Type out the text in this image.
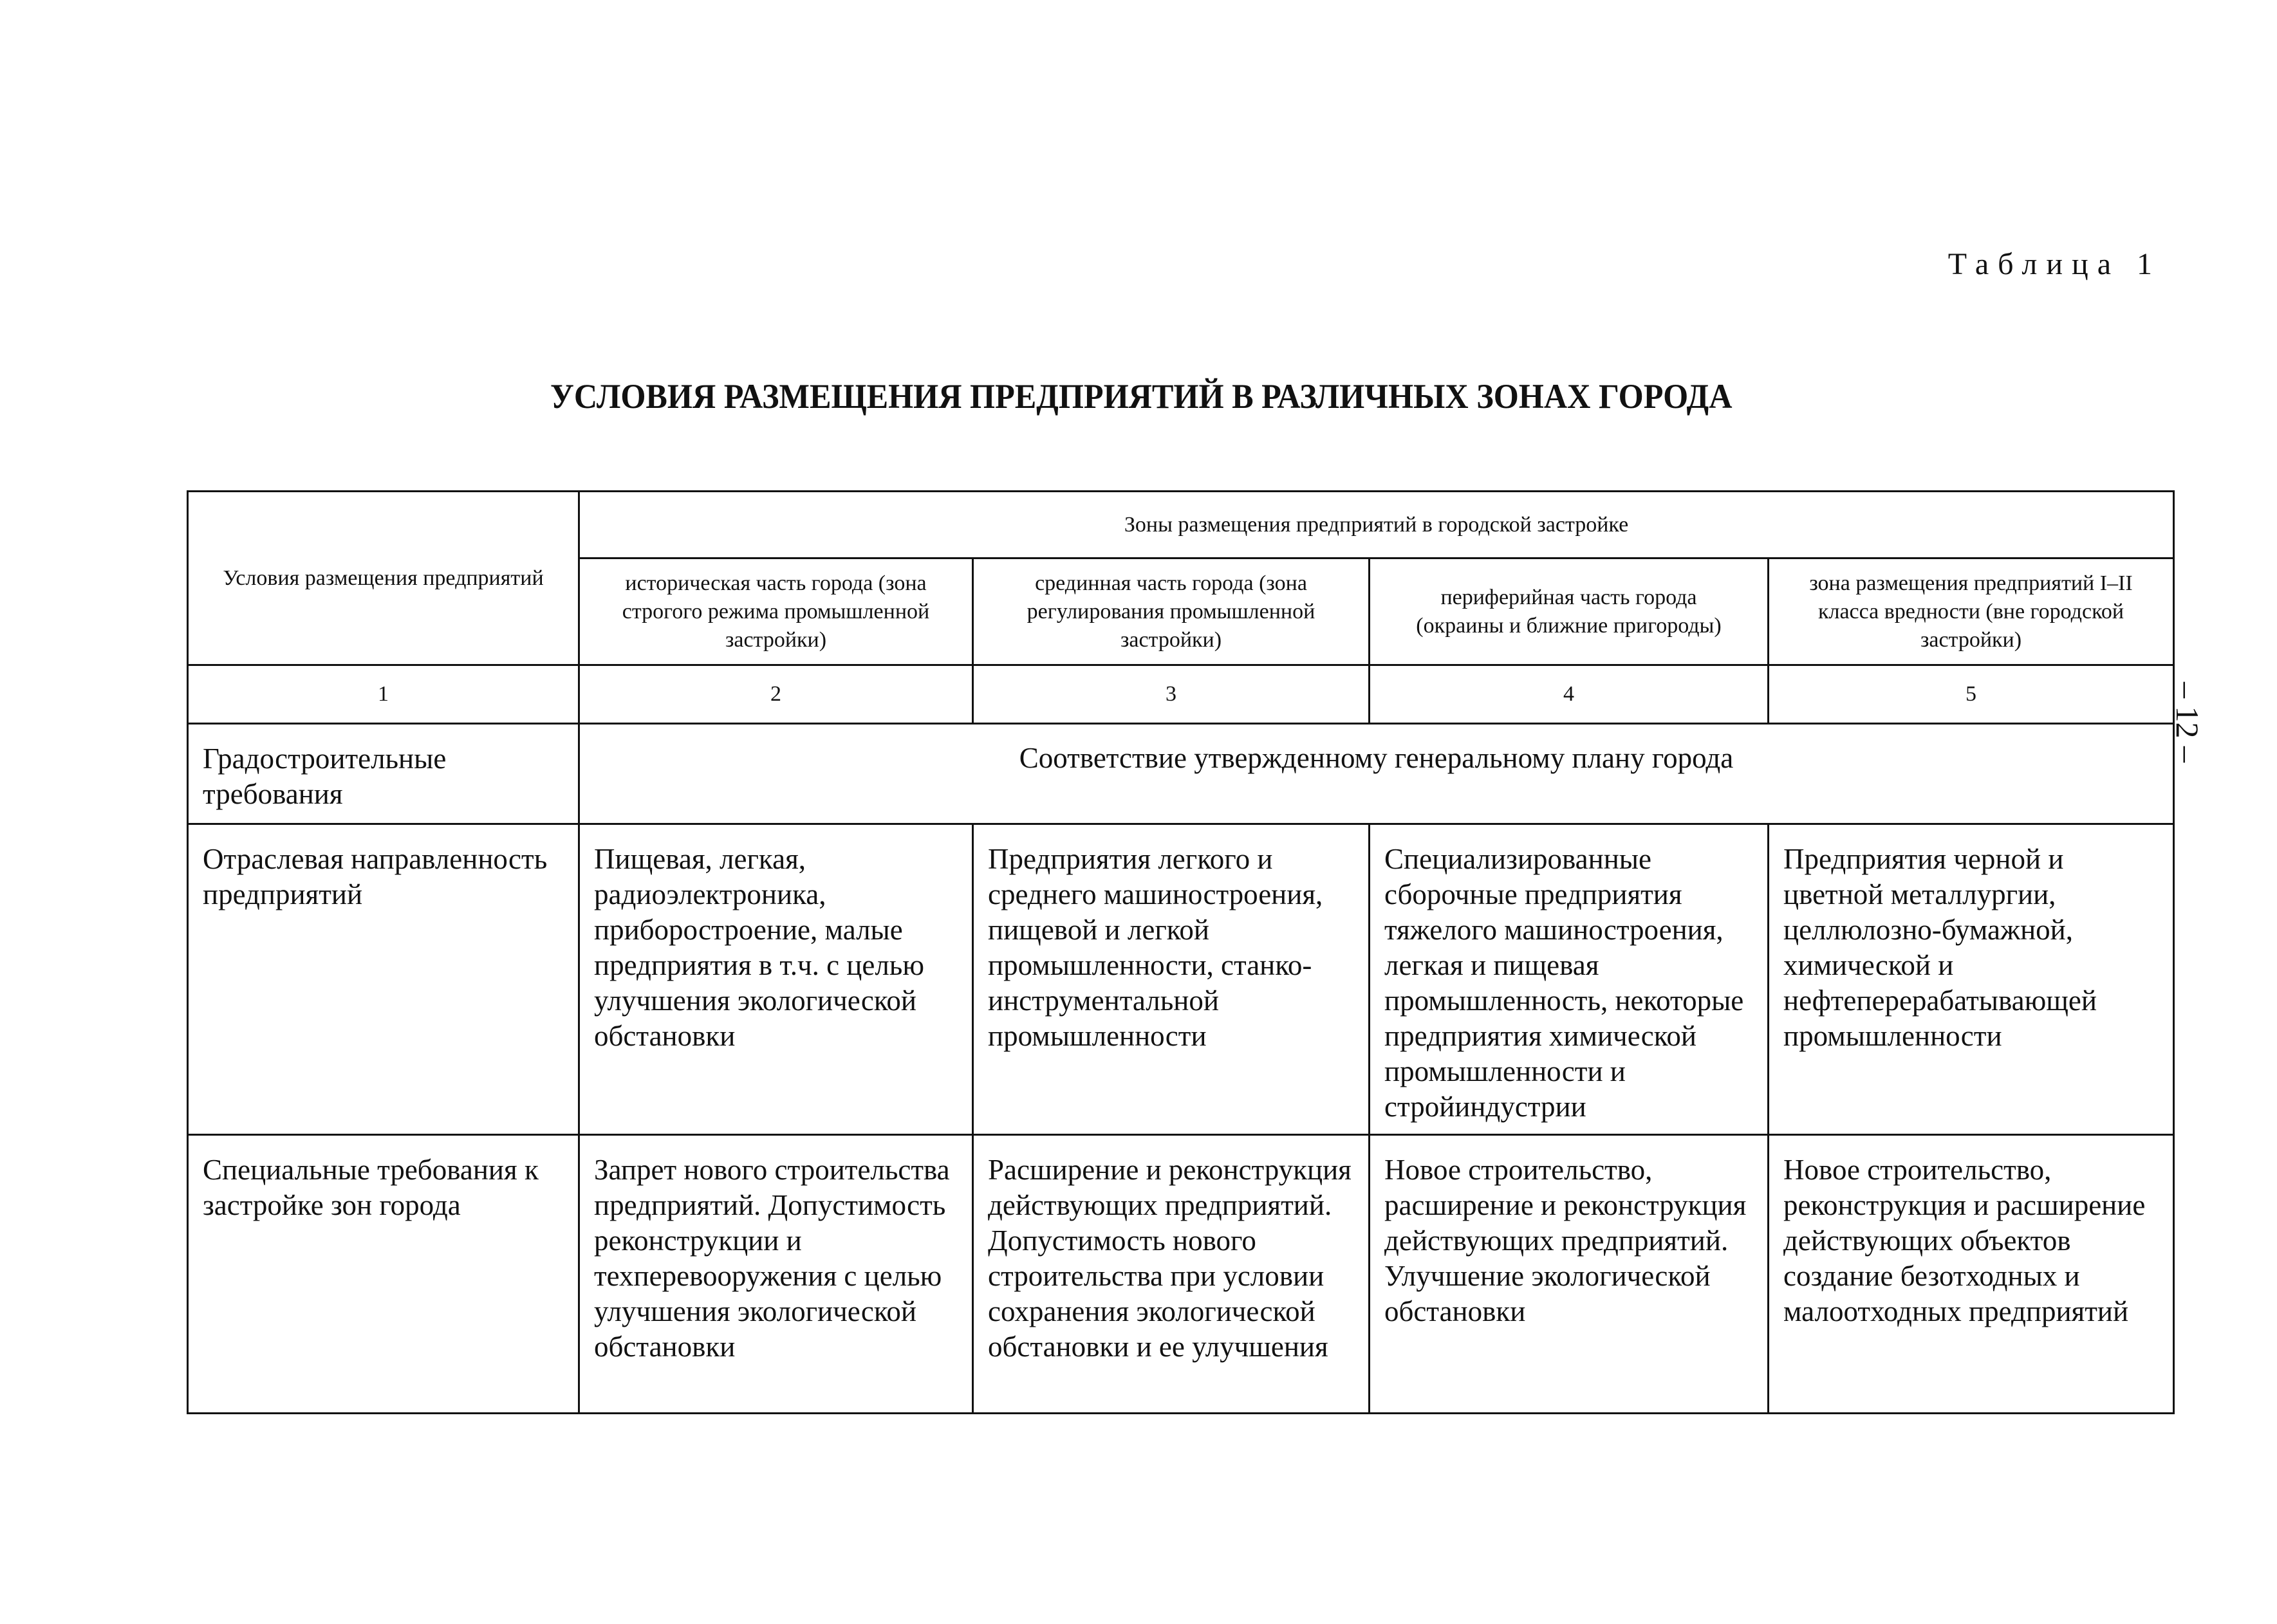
Таблица 1
УСЛОВИЯ РАЗМЕЩЕНИЯ ПРЕДПРИЯТИЙ В РАЗЛИЧНЫХ ЗОНАХ ГОРОДА
– 12 –
Условия размещения предприятий	Зоны размещения предприятий в городской застройке			
	историческая часть города (зона строгого режима промышленной застройки)	срединная часть города (зона регулирования промышленной застройки)	периферийная часть города (окраины и ближние пригороды)	зона размещения предприятий I–II класса вредности (вне городской застройки)
1	2	3	4	5
Градостроительные требования	Соответствие утвержденному генеральному плану города			
Отраслевая направленность предприятий	Пищевая, легкая, радиоэлектроника, приборостроение, малые предприятия в т.ч. с целью улучшения экологической обстановки	Предприятия легкого и среднего машиностроения, пищевой и легкой промышленности, станко-инструментальной промышленности	Специализированные сборочные предприятия тяжелого машиностроения, легкая и пищевая промышленность, некоторые предприятия химической промышленности и стройиндустрии	Предприятия черной и цветной металлургии, целлюлозно-бумажной, химической и нефтеперерабатывающей промышленности
Специальные требования к застройке зон города	Запрет нового строительства предприятий. Допустимость реконструкции и техперевооружения с целью улучшения экологической обстановки	Расширение и реконструкция действующих предприятий. Допустимость нового строительства при условии сохранения экологической обстановки и ее улучшения	Новое строительство, расширение и реконструкция действующих предприятий. Улучшение экологической обстановки	Новое строительство, реконструкция и расширение действующих объектов создание безотходных и малоотходных предприятий
